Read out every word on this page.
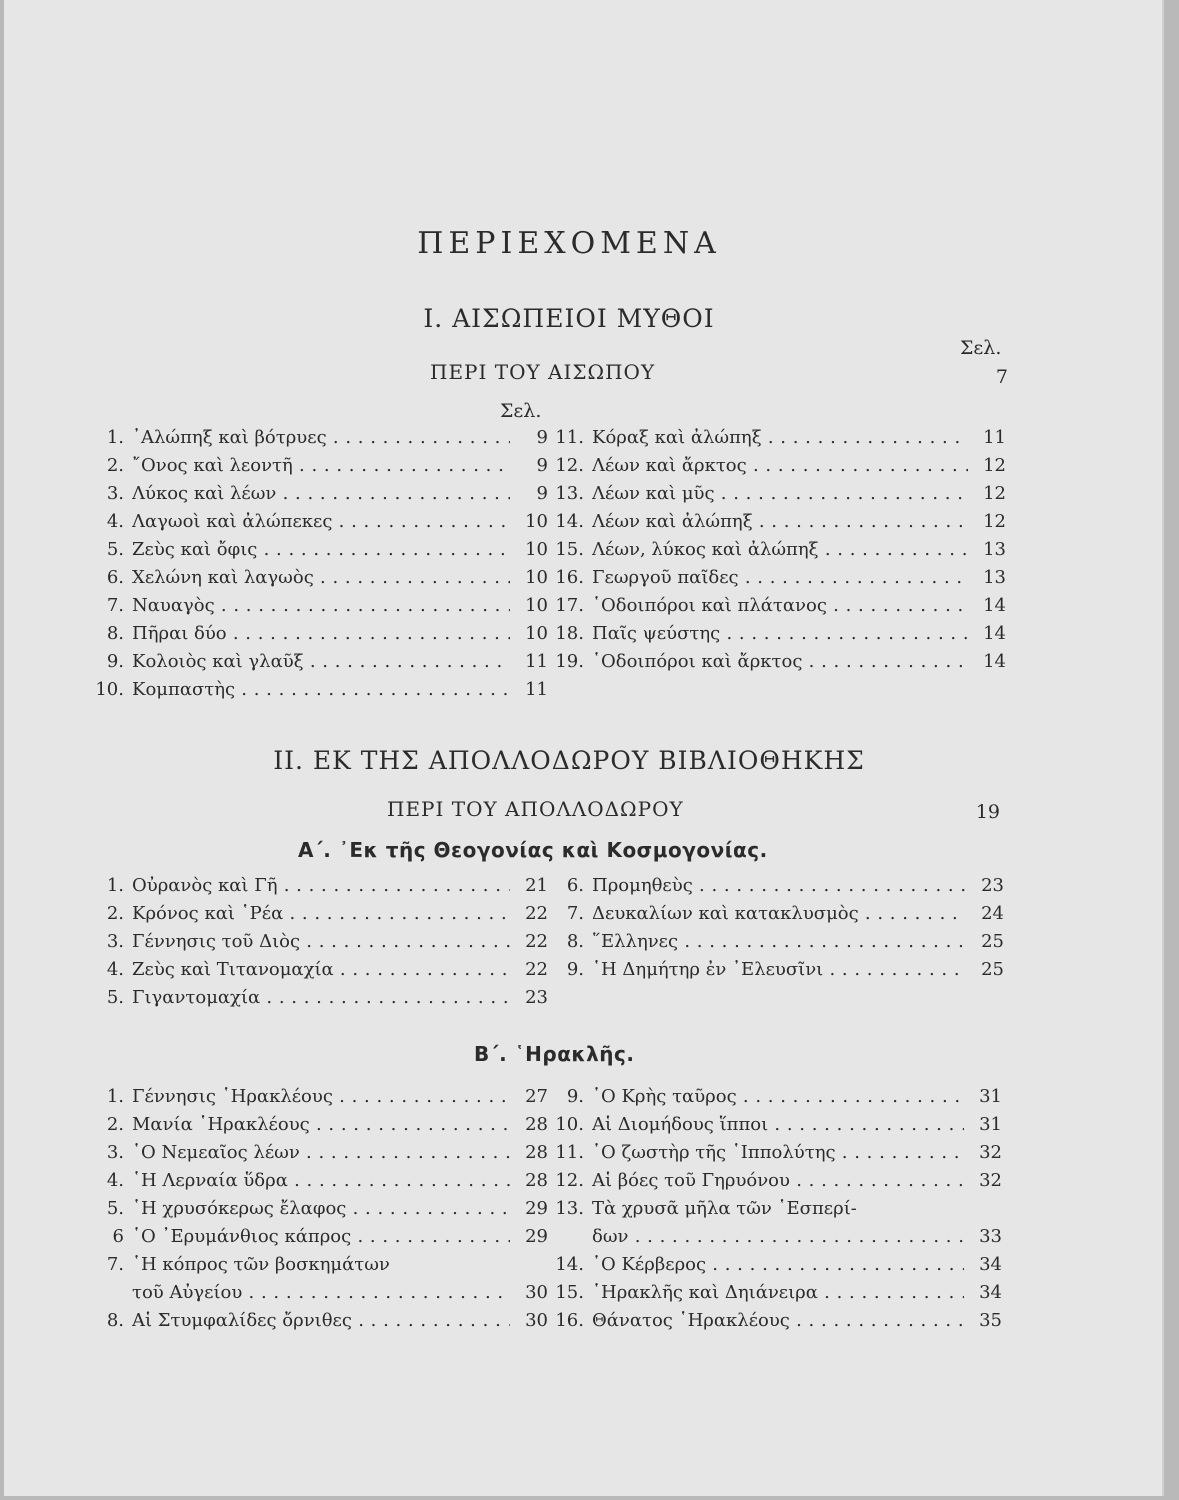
ΠΕΡΙΕΧΟΜΕΝΑ
I. ΑΙΣΩΠΕΙΟΙ ΜΥΘΟΙ
Σελ.
ΠΕΡΙ ΤΟΥ ΑΙΣΩΠΟΥ	7
Σελ.
1. ᾿Αλώπηξ καὶ βότρυες . . .	9
2. ῎Ονος καὶ λεοντῆ . . .	9
3. Λύκος καὶ λέων . . .	9
4. Λαγωοὶ καὶ ἀλώπεκες . . .	10
5. Ζεὺς καὶ ὄφις . . .	10
6. Χελώνη καὶ λαγωὸς . . .	10
7. Ναυαγὸς . . .	10
8. Πῆραι δύο . . .	10
9. Κολοιὸς καὶ γλαῦξ . . .	11
10. Κομπαστὴς . . .	11
11. Κόραξ καὶ ἀλώπηξ . . .	11
12. Λέων καὶ ἄρκτος . . .	12
13. Λέων καὶ μῦς . . .	12
14. Λέων καὶ ἀλώπηξ . . .	12
15. Λέων, λύκος καὶ ἀλώπηξ . . .	13
16. Γεωργοῦ παῖδες . . .	13
17. ῾Οδοιπόροι καὶ πλάτανος . . .	14
18. Παῖς ψεύστης . . .	14
19. ῾Οδοιπόροι καὶ ἄρκτος . . .	14
II. ΕΚ ΤΗΣ ΑΠΟΛΛΟΔΩΡΟΥ ΒΙΒΛΙΟΘΗΚΗΣ
ΠΕΡΙ ΤΟΥ ΑΠΟΛΛΟΔΩΡΟΥ	19
Α΄. ᾿Εκ τῆς Θεογονίας καὶ Κοσμογονίας.
1. Οὐρανὸς καὶ Γῆ . . .	21
2. Κρόνος καὶ ῾Ρέα . . .	22
3. Γέννησις τοῦ Διὸς . . .	22
4. Ζεὺς καὶ Τιτανομαχία . . .	22
5. Γιγαντομαχία . . .	23
6. Προμηθεὺς . . .	23
7. Δευκαλίων καὶ κατακλυσμὸς . . .	24
8. ῞Ελληνες . . .	25
9. ῾Η Δημήτηρ ἐν ᾿Ελευσῖνι . . .	25
Β΄. ῾Ηρακλῆς.
1. Γέννησις ῾Ηρακλέους . . .	27
2. Μανία ῾Ηρακλέους . . .	28
3. ῾Ο Νεμεαῖος λέων . . .	28
4. ῾Η Λερναία ὕδρα . . .	28
5. ῾Η χρυσόκερως ἔλαφος . . .	29
6 ῾Ο ᾿Ερυμάνθιος κάπρος . . .	29
7. ῾Η κόπρος τῶν βοσκημάτων
τοῦ Αὐγείου . . .	30
8. Αἱ Στυμφαλίδες ὄρνιθες . . .	30
9. ῾Ο Κρὴς ταῦρος . . .	31
10. Αἱ Διομήδους ἵπποι . . .	31
11. ῾Ο ζωστὴρ τῆς ῾Ιππολύτης . . .	32
12. Αἱ βόες τοῦ Γηρυόνου . . .	32
13. Τὰ χρυσᾶ μῆλα τῶν ῾Εσπερί-
δων . . .	33
14. ῾Ο Κέρβερος . . .	34
15. ῾Ηρακλῆς καὶ Δηιάνειρα . . .	34
16. Θάνατος ῾Ηρακλέους . . .	35
